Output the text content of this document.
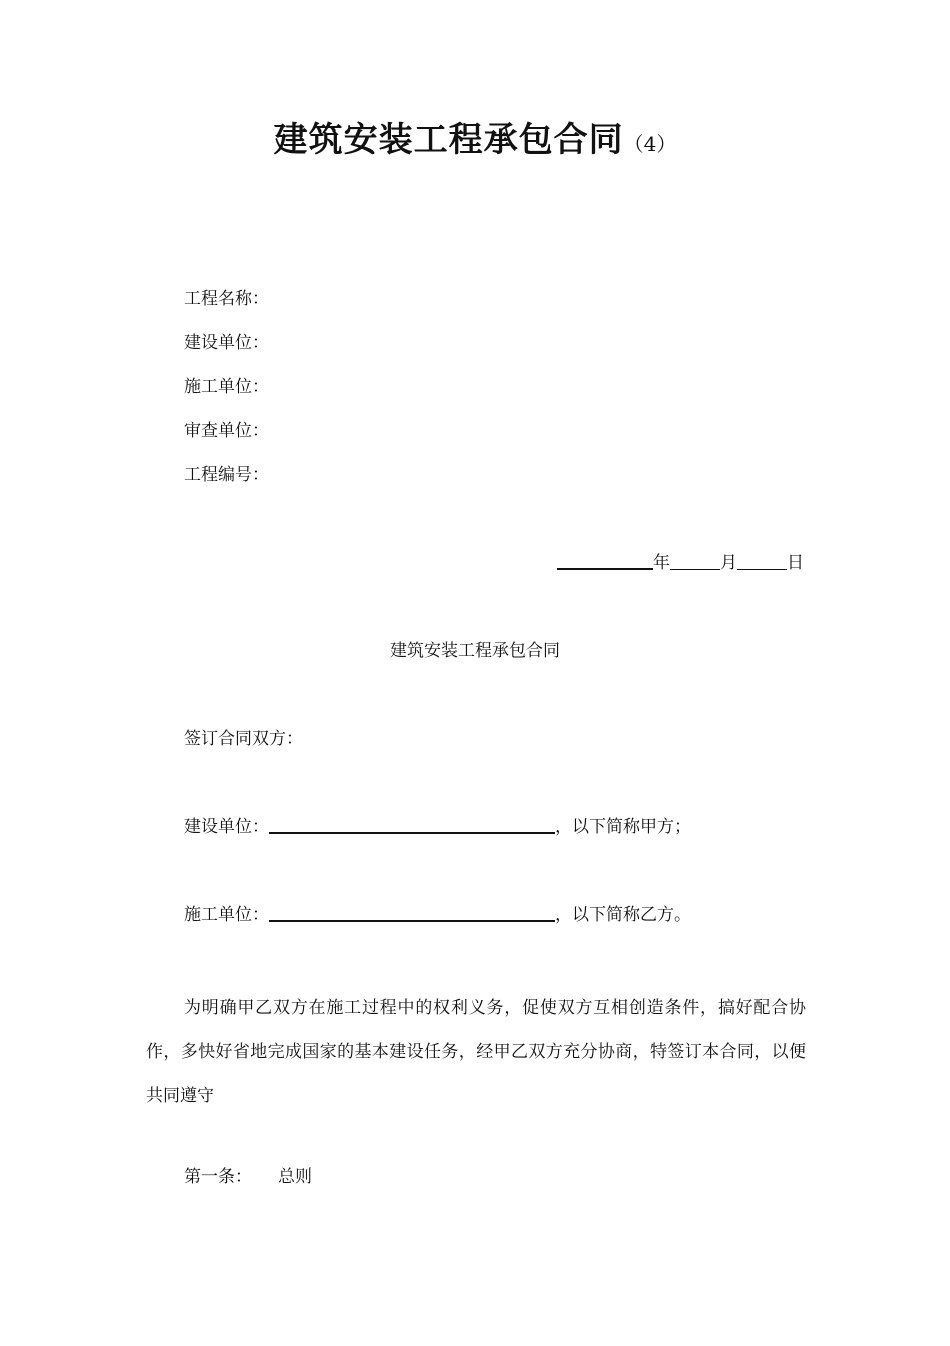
建筑安装工程承包合同（4）
工程名称：
建设单位：
施工单位：
审查单位：
工程编号：
年	月	日
建筑安装工程承包合同
签订合同双方：
建设单位：	，以下简称甲方；
施工单位：	，以下简称乙方。

为明确甲乙双方在施工过程中的权利义务，促使双方互相创造条件，搞好配合协作，多快好省地完成国家的基本建设任务，经甲乙双方充分协商，特签订本合同，以便共同遵守

第一条： 总则
